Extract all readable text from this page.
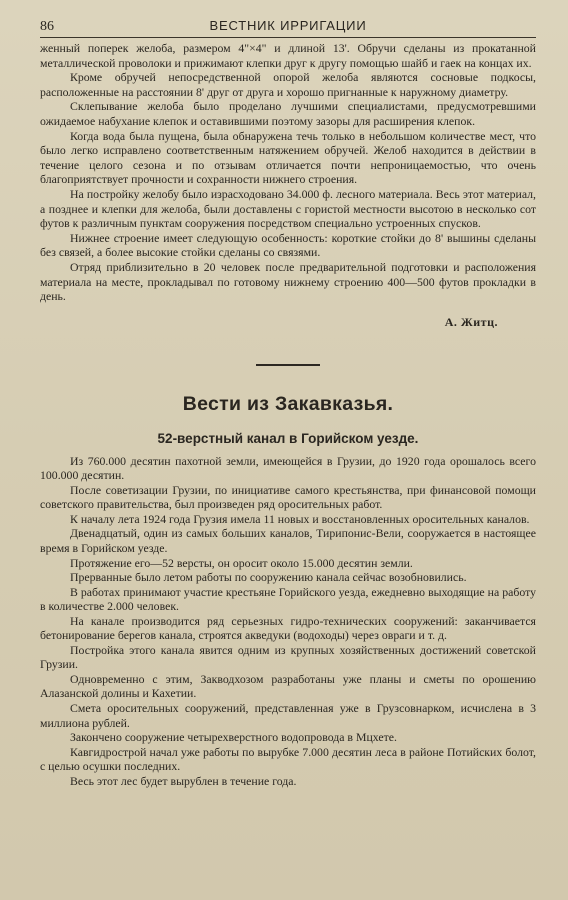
86	ВЕСТНИК ИРРИГАЦИИ

женный поперек желоба, размером 4"×4" и длиной 13'. Обручи сделаны из прокатанной металлической проволоки и прижимают клепки друг к другу помощью шайб и гаек на концах их.

Кроме обручей непосредственной опорой желоба являются сосновые подкосы, расположенные на расстоянии 8' друг от друга и хорошо пригнанные к наружному диаметру.

Склепывание желоба было проделано лучшими специалистами, предусмотревшими ожидаемое набухание клепок и оставившими поэтому зазоры для расширения клепок.

Когда вода была пущена, была обнаружена течь только в небольшом количестве мест, что было легко исправлено соответственным натяжением обручей. Желоб находится в действии в течение целого сезона и по отзывам отличается почти непроницаемостью, что очень благоприятствует прочности и сохранности нижнего строения.

На постройку желобу было израсходовано 34.000 ф. лесного материала. Весь этот материал, а позднее и клепки для желоба, были доставлены с гористой местности высотою в несколько сот футов к различным пунктам сооружения посредством специально устроенных спусков.

Нижнее строение имеет следующую особенность: короткие стойки до 8' вышины сделаны без связей, а более высокие стойки сделаны со связями.

Отряд приблизительно в 20 человек после предварительной подготовки и расположения материала на месте, прокладывал по готовому нижнему строению 400—500 футов прокладки в день.

А. Житц.
Вести из Закавказья.
52-верстный канал в Горийском уезде.

Из 760.000 десятин пахотной земли, имеющейся в Грузии, до 1920 года орошалось всего 100.000 десятин.

После советизации Грузии, по инициативе самого крестьянства, при финансовой помощи советского правительства, был произведен ряд оросительных работ.

К началу лета 1924 года Грузия имела 11 новых и восстановленных оросительных каналов.

Двенадцатый, один из самых больших каналов, Тирипонис-Вели, сооружается в настоящее время в Горийском уезде.

Протяжение его—52 версты, он оросит около 15.000 десятин земли.

Прерванные было летом работы по сооружению канала сейчас возобновились.

В работах принимают участие крестьяне Горийского уезда, ежедневно выходящие на работу в количестве 2.000 человек.

На канале производится ряд серьезных гидро-технических сооружений: заканчивается бетонирование берегов канала, строятся акведуки (водоходы) через овраги и т. д.

Постройка этого канала явится одним из крупных хозяйственных достижений советской Грузии.

Одновременно с этим, Закводхозом разработаны уже планы и сметы по орошению Алазанской долины и Кахетии.

Смета оросительных сооружений, представленная уже в Грузсовнарком, исчислена в 3 миллиона рублей.

Закончено сооружение четырехверстного водопровода в Мцхете.

Кавгидрострой начал уже работы по вырубке 7.000 десятин леса в районе Потийских болот, с целью осушки последних.

Весь этот лес будет вырублен в течение года.
